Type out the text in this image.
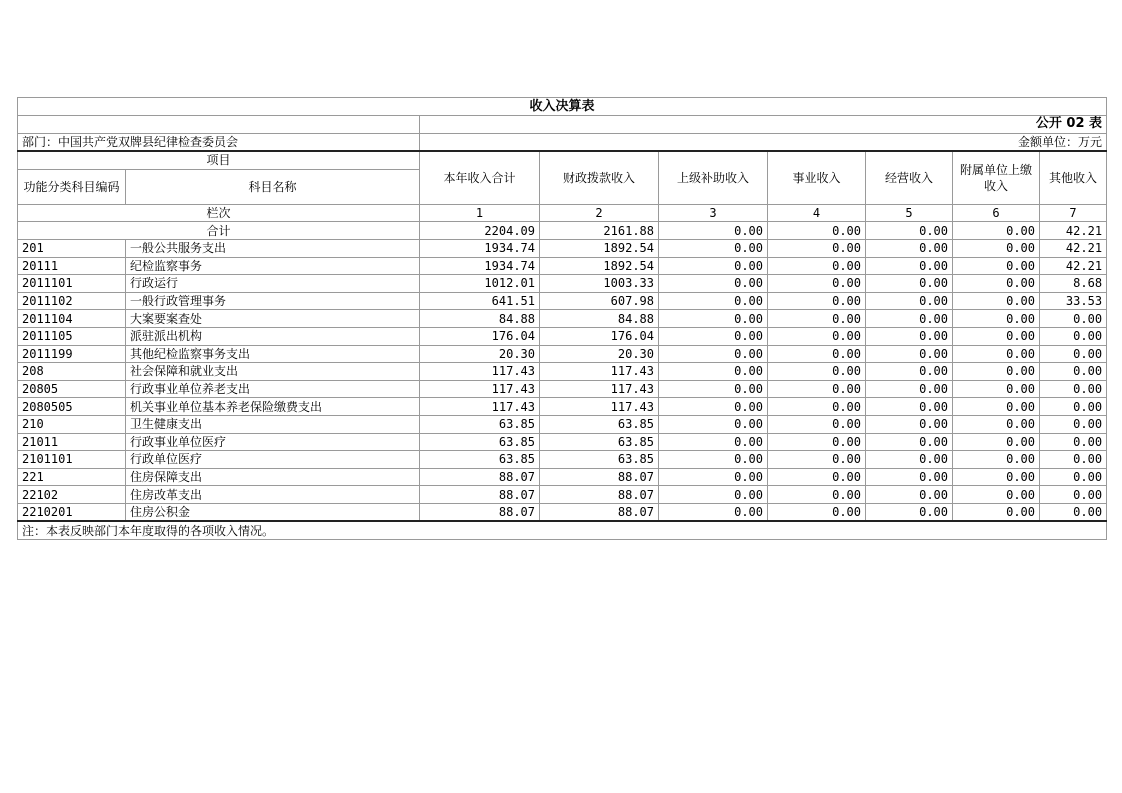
收入决算表								
		公开 02 表						
部门：中国共产党双牌县纪律检查委员会		金额单位：万元						
项目		本年收入合计	财政拨款收入	上级补助收入	事业收入	经营收入	附属单位上缴收入	其他收入
功能分类科目编码	科目名称							
栏次		1	2	3	4	5	6	7
合计		2204.09	2161.88	0.00	0.00	0.00	0.00	42.21
201	一般公共服务支出	1934.74	1892.54	0.00	0.00	0.00	0.00	42.21
20111	纪检监察事务	1934.74	1892.54	0.00	0.00	0.00	0.00	42.21
2011101	行政运行	1012.01	1003.33	0.00	0.00	0.00	0.00	8.68
2011102	一般行政管理事务	641.51	607.98	0.00	0.00	0.00	0.00	33.53
2011104	大案要案查处	84.88	84.88	0.00	0.00	0.00	0.00	0.00
2011105	派驻派出机构	176.04	176.04	0.00	0.00	0.00	0.00	0.00
2011199	其他纪检监察事务支出	20.30	20.30	0.00	0.00	0.00	0.00	0.00
208	社会保障和就业支出	117.43	117.43	0.00	0.00	0.00	0.00	0.00
20805	行政事业单位养老支出	117.43	117.43	0.00	0.00	0.00	0.00	0.00
2080505	机关事业单位基本养老保险缴费支出	117.43	117.43	0.00	0.00	0.00	0.00	0.00
210	卫生健康支出	63.85	63.85	0.00	0.00	0.00	0.00	0.00
21011	行政事业单位医疗	63.85	63.85	0.00	0.00	0.00	0.00	0.00
2101101	行政单位医疗	63.85	63.85	0.00	0.00	0.00	0.00	0.00
221	住房保障支出	88.07	88.07	0.00	0.00	0.00	0.00	0.00
22102	住房改革支出	88.07	88.07	0.00	0.00	0.00	0.00	0.00
2210201	住房公积金	88.07	88.07	0.00	0.00	0.00	0.00	0.00
注：本表反映部门本年度取得的各项收入情况。								
